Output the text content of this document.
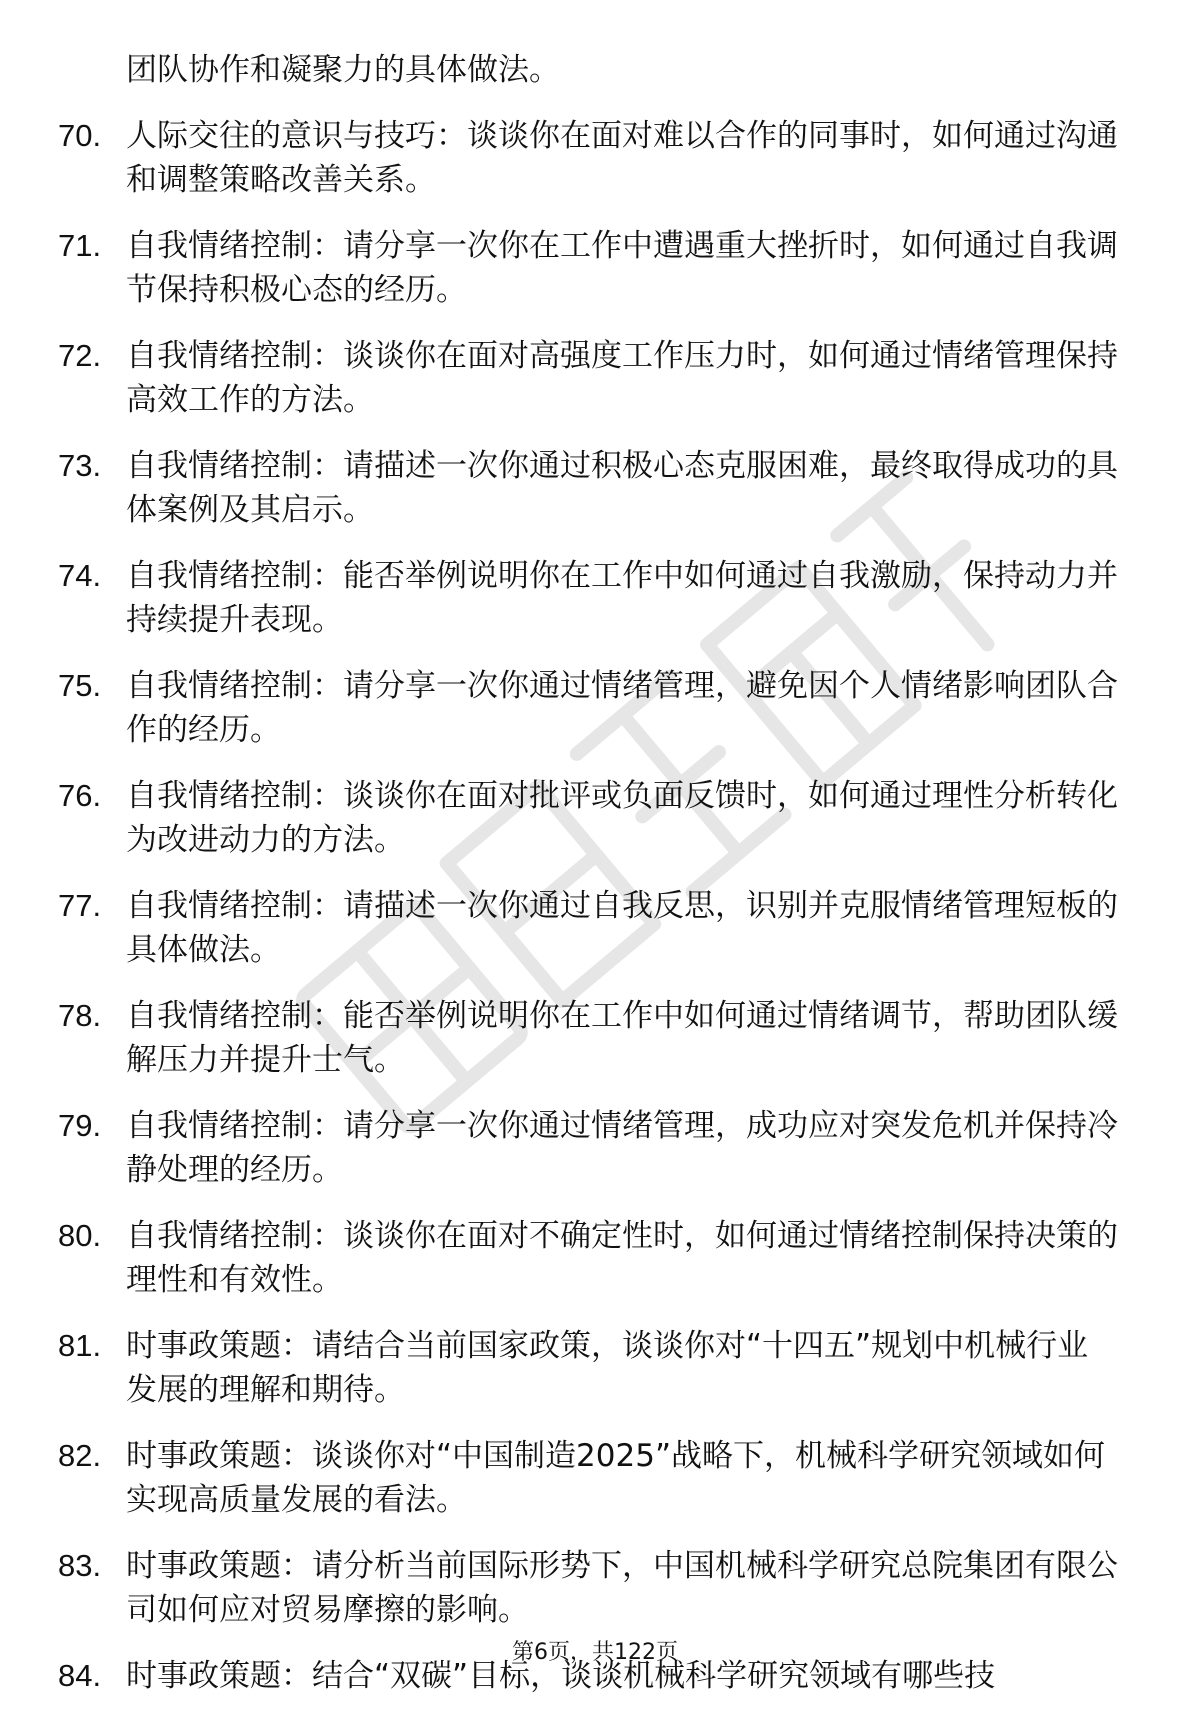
团队协作和凝聚力的具体做法。
70. 人际交往的意识与技巧：谈谈你在面对难以合作的同事时，如何通过沟通和调整策略改善关系。
71. 自我情绪控制：请分享一次你在工作中遭遇重大挫折时，如何通过自我调节保持积极心态的经历。
72. 自我情绪控制：谈谈你在面对高强度工作压力时，如何通过情绪管理保持高效工作的方法。
73. 自我情绪控制：请描述一次你通过积极心态克服困难，最终取得成功的具体案例及其启示。
74. 自我情绪控制：能否举例说明你在工作中如何通过自我激励，保持动力并持续提升表现。
75. 自我情绪控制：请分享一次你通过情绪管理，避免因个人情绪影响团队合作的经历。
76. 自我情绪控制：谈谈你在面对批评或负面反馈时，如何通过理性分析转化为改进动力的方法。
77. 自我情绪控制：请描述一次你通过自我反思，识别并克服情绪管理短板的具体做法。
78. 自我情绪控制：能否举例说明你在工作中如何通过情绪调节，帮助团队缓解压力并提升士气。
79. 自我情绪控制：请分享一次你通过情绪管理，成功应对突发危机并保持冷静处理的经历。
80. 自我情绪控制：谈谈你在面对不确定性时，如何通过情绪控制保持决策的理性和有效性。
81. 时事政策题：请结合当前国家政策，谈谈你对“十四五”规划中机械行业发展的理解和期待。
82. 时事政策题：谈谈你对“中国制造2025”战略下，机械科学研究领域如何实现高质量发展的看法。
83. 时事政策题：请分析当前国际形势下，中国机械科学研究总院集团有限公司如何应对贸易摩擦的影响。
84. 时事政策题：结合“双碳”目标，谈谈机械科学研究领域有哪些技
第6页，共122页
